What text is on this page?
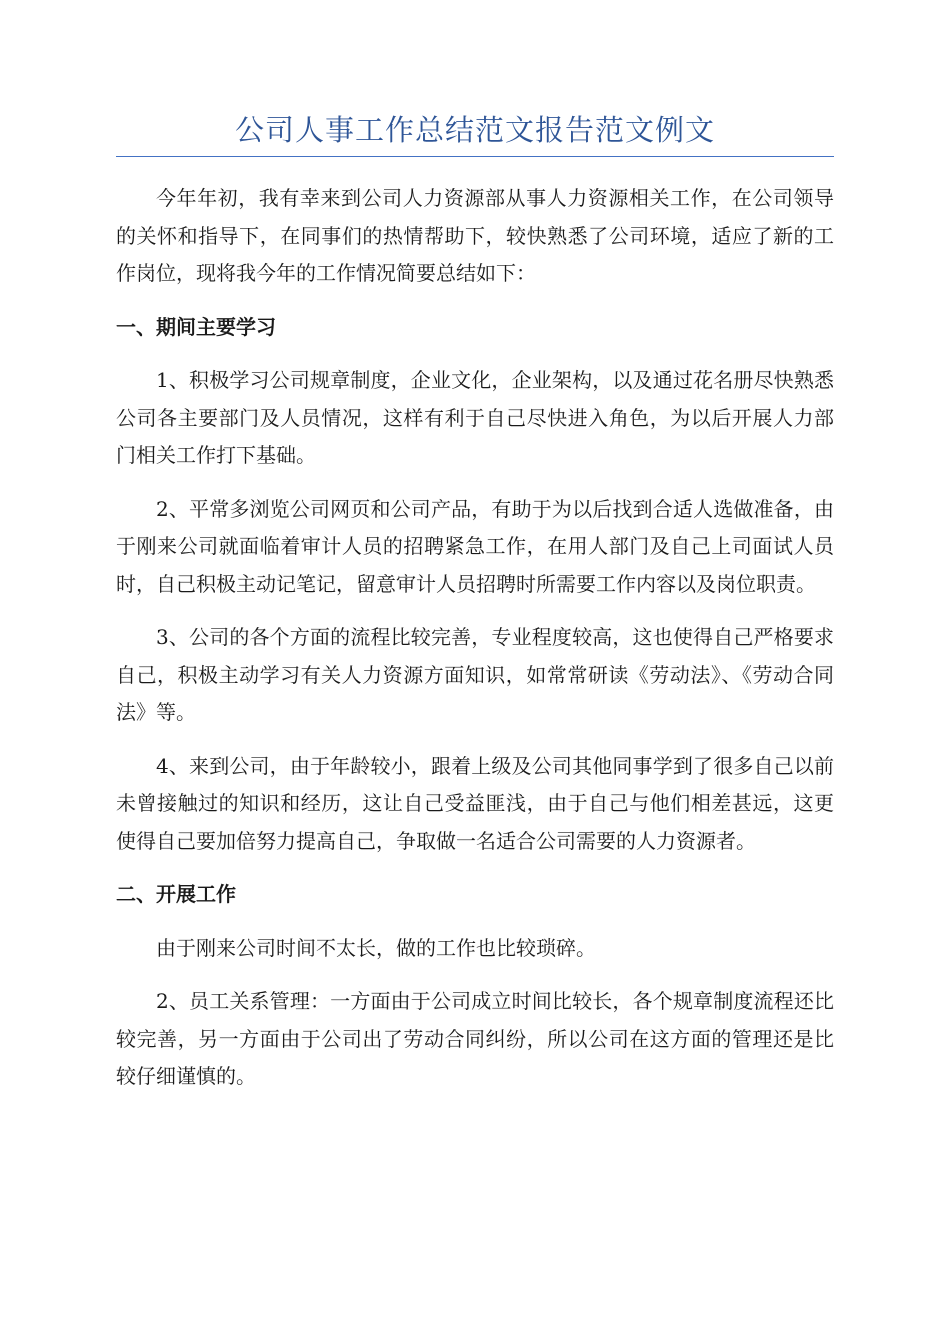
公司人事工作总结范文报告范文例文

今年年初，我有幸来到公司人力资源部从事人力资源相关工作，在公司领导的关怀和指导下，在同事们的热情帮助下，较快熟悉了公司环境，适应了新的工作岗位，现将我今年的工作情况简要总结如下：

一、期间主要学习

1、积极学习公司规章制度，企业文化，企业架构，以及通过花名册尽快熟悉公司各主要部门及人员情况，这样有利于自己尽快进入角色，为以后开展人力部门相关工作打下基础。

2、平常多浏览公司网页和公司产品，有助于为以后找到合适人选做准备，由于刚来公司就面临着审计人员的招聘紧急工作，在用人部门及自己上司面试人员时，自己积极主动记笔记，留意审计人员招聘时所需要工作内容以及岗位职责。

3、公司的各个方面的流程比较完善，专业程度较高，这也使得自己严格要求自己，积极主动学习有关人力资源方面知识，如常常研读《劳动法》、《劳动合同法》等。

4、来到公司，由于年龄较小，跟着上级及公司其他同事学到了很多自己以前未曾接触过的知识和经历，这让自己受益匪浅，由于自己与他们相差甚远，这更使得自己要加倍努力提高自己，争取做一名适合公司需要的人力资源者。

二、开展工作

由于刚来公司时间不太长，做的工作也比较琐碎。

2、员工关系管理：一方面由于公司成立时间比较长，各个规章制度流程还比较完善，另一方面由于公司出了劳动合同纠纷，所以公司在这方面的管理还是比较仔细谨慎的。
